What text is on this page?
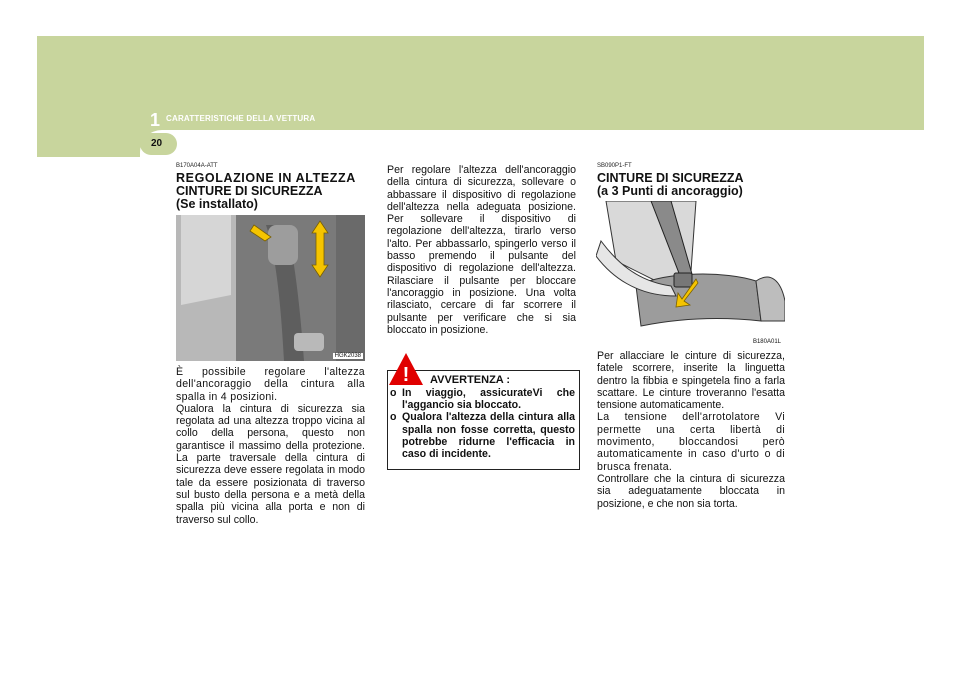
1 CARATTERISTICHE DELLA VETTURA
20
B170A04A-ATT
REGOLAZIONE IN ALTEZZA
CINTURE DI SICUREZZA
(Se installato)
HGK2038
È possibile regolare l'altezza dell'ancoraggio della cintura alla spalla in 4 posizioni.
Qualora la cintura di sicurezza sia regolata ad una altezza troppo vicina al collo della persona, questo non garantisce il massimo della protezione. La parte traversale della cintura di sicurezza deve essere regolata in modo tale da essere posizionata di traverso sul busto della persona e a metà della spalla più vicina alla porta e non di traverso sul collo.
Per regolare l'altezza dell'ancoraggio della cintura di sicurezza, sollevare o abbassare il dispositivo di regolazione dell'altezza nella adeguata posizione. Per sollevare il dispositivo di regolazione dell'altezza, tirarlo verso l'alto. Per abbassarlo, spingerlo verso il basso premendo il pulsante del dispositivo di regolazione dell'altezza. Rilasciare il pulsante per bloccare l'ancoraggio in posizione. Una volta rilasciato, cercare di far scorrere il pulsante per verificare che si sia bloccato in posizione.
! AVVERTENZA :
o In viaggio, assicurateVi che l'aggancio sia bloccato.
o Qualora l'altezza della cintura alla spalla non fosse corretta, questo potrebbe ridurne l'efficacia in caso di incidente.
SB090P1-FT
CINTURE DI SICUREZZA
(a 3 Punti di ancoraggio)
B180A01L
Per allacciare le cinture di sicurezza, fatele scorrere, inserite la linguetta dentro la fibbia e spingetela fino a farla scattare. Le cinture troveranno l'esatta tensione automaticamente.
La tensione dell'arrotolatore Vi permette una certa libertà di movimento, bloccandosi però automaticamente in caso d'urto o di brusca frenata.
Controllare che la cintura di sicurezza sia adeguatamente bloccata in posizione, e che non sia torta.
